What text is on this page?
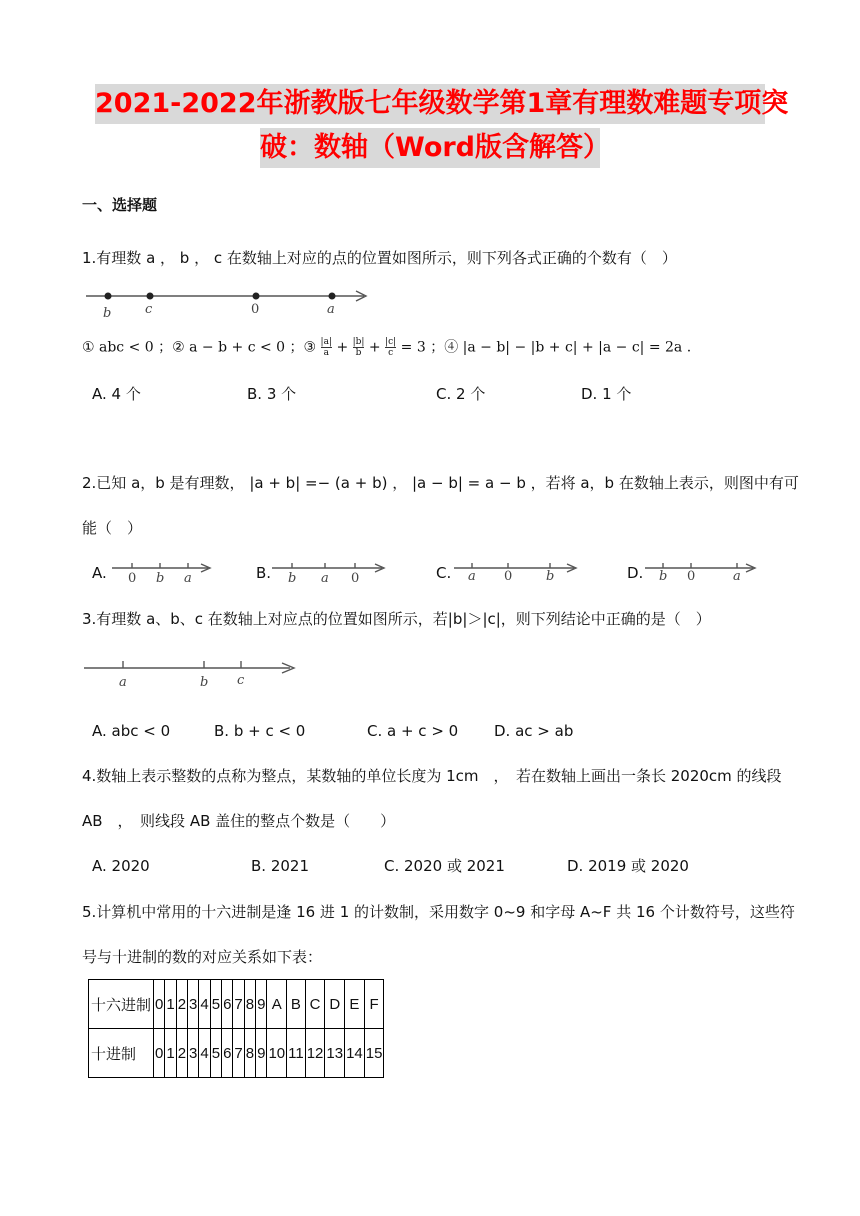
2021-2022年浙教版七年级数学第1章有理数难题专项突
破：数轴（Word版含解答）
一、选择题
1.有理数 a ， b ， c 在数轴上对应的点的位置如图所示，则下列各式正确的个数有（　）
b	c	0	a
① abc < 0 ；② a − b + c < 0 ；③ $\frac{|a|}{a} + \frac{|b|}{b} + \frac{|c|}{c} = 3$ ；④ |a − b| − |b + c| + |a − c| = 2a .
A. 4 个	B. 3 个	C. 2 个	D. 1 个
2.已知 a，b 是有理数， |a + b| =− (a + b) ， |a − b| = a − b ，若将 a，b 在数轴上表示，则图中有可
能（　）
A. 0 b a	B. b a 0	C. a 0	b	D. b 0	a
3.有理数 a、b、c 在数轴上对应点的位置如图所示，若|b|＞|c|，则下列结论中正确的是（　）
a	b c
A. abc < 0	B. b + c < 0	C. a + c > 0 D. ac > ab
4.数轴上表示整数的点称为整点，某数轴的单位长度为 1cm　，　若在数轴上画出一条长 2020cm 的线段
AB　，　则线段 AB 盖住的整点个数是（　　）
A. 2020	B. 2021	C. 2020 或 2021	D. 2019 或 2020
5.计算机中常用的十六进制是逢 16 进 1 的计数制，采用数字 0~9 和字母 A~F 共 16 个计数符号，这些符
号与十进制的数的对应关系如下表：
十六进制	0	1	2	3	4	5	6	7	8	9	A	B	C	D	E	F
十进制	0	1	2	3	4	5	6	7	8	9	10	11	12	13	14	15
